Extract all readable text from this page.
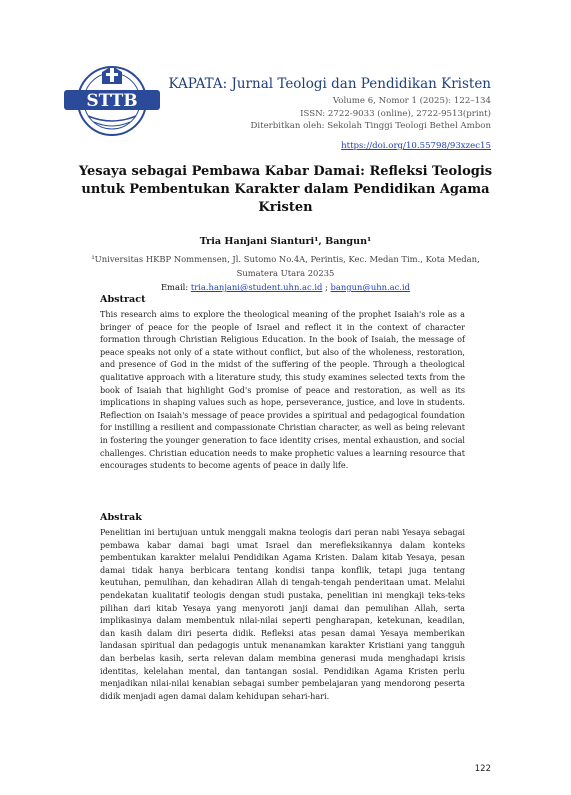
STTB

KAPATA: Jurnal Teologi dan Pendidikan Kristen

Volume 6, Nomor 1 (2025): 122–134

ISSN: 2722-9033 (online), 2722-9513(print)

Diterbitkan oleh: Sekolah Tinggi Teologi Bethel Ambon

https://doi.org/10.55798/93xzec15
Yesaya sebagai Pembawa Kabar Damai: Refleksi Teologis untuk Pembentukan Karakter dalam Pendidikan Agama Kristen

Tria Hanjani Sianturi¹, Bangun¹

¹Universitas HKBP Nommensen, Jl. Sutomo No.4A, Perintis, Kec. Medan Tim., Kota Medan, Sumatera Utara 20235

Email: tria.hanjani@student.uhn.ac.id ; bangun@uhn.ac.id

Abstract

This research aims to explore the theological meaning of the prophet Isaiah's role as a bringer of peace for the people of Israel and reflect it in the context of character formation through Christian Religious Education. In the book of Isaiah, the message of peace speaks not only of a state without conflict, but also of the wholeness, restoration, and presence of God in the midst of the suffering of the people. Through a theological qualitative approach with a literature study, this study examines selected texts from the book of Isaiah that highlight God's promise of peace and restoration, as well as its implications in shaping values such as hope, perseverance, justice, and love in students. Reflection on Isaiah's message of peace provides a spiritual and pedagogical foundation for instilling a resilient and compassionate Christian character, as well as being relevant in fostering the younger generation to face identity crises, mental exhaustion, and social challenges. Christian education needs to make prophetic values a learning resource that encourages students to become agents of peace in daily life.

Abstrak

Penelitian ini bertujuan untuk menggali makna teologis dari peran nabi Yesaya sebagai pembawa kabar damai bagi umat Israel dan merefleksikannya dalam konteks pembentukan karakter melalui Pendidikan Agama Kristen. Dalam kitab Yesaya, pesan damai tidak hanya berbicara tentang kondisi tanpa konflik, tetapi juga tentang keutuhan, pemulihan, dan kehadiran Allah di tengah-tengah penderitaan umat. Melalui pendekatan kualitatif teologis dengan studi pustaka, penelitian ini mengkaji teks-teks pilihan dari kitab Yesaya yang menyoroti janji damai dan pemulihan Allah, serta implikasinya dalam membentuk nilai-nilai seperti pengharapan, ketekunan, keadilan, dan kasih dalam diri peserta didik. Refleksi atas pesan damai Yesaya memberikan landasan spiritual dan pedagogis untuk menanamkan karakter Kristiani yang tangguh dan berbelas kasih, serta relevan dalam membina generasi muda menghadapi krisis identitas, kelelahan mental, dan tantangan sosial. Pendidikan Agama Kristen perlu menjadikan nilai-nilai kenabian sebagai sumber pembelajaran yang mendorong peserta didik menjadi agen damai dalam kehidupan sehari-hari.

122
